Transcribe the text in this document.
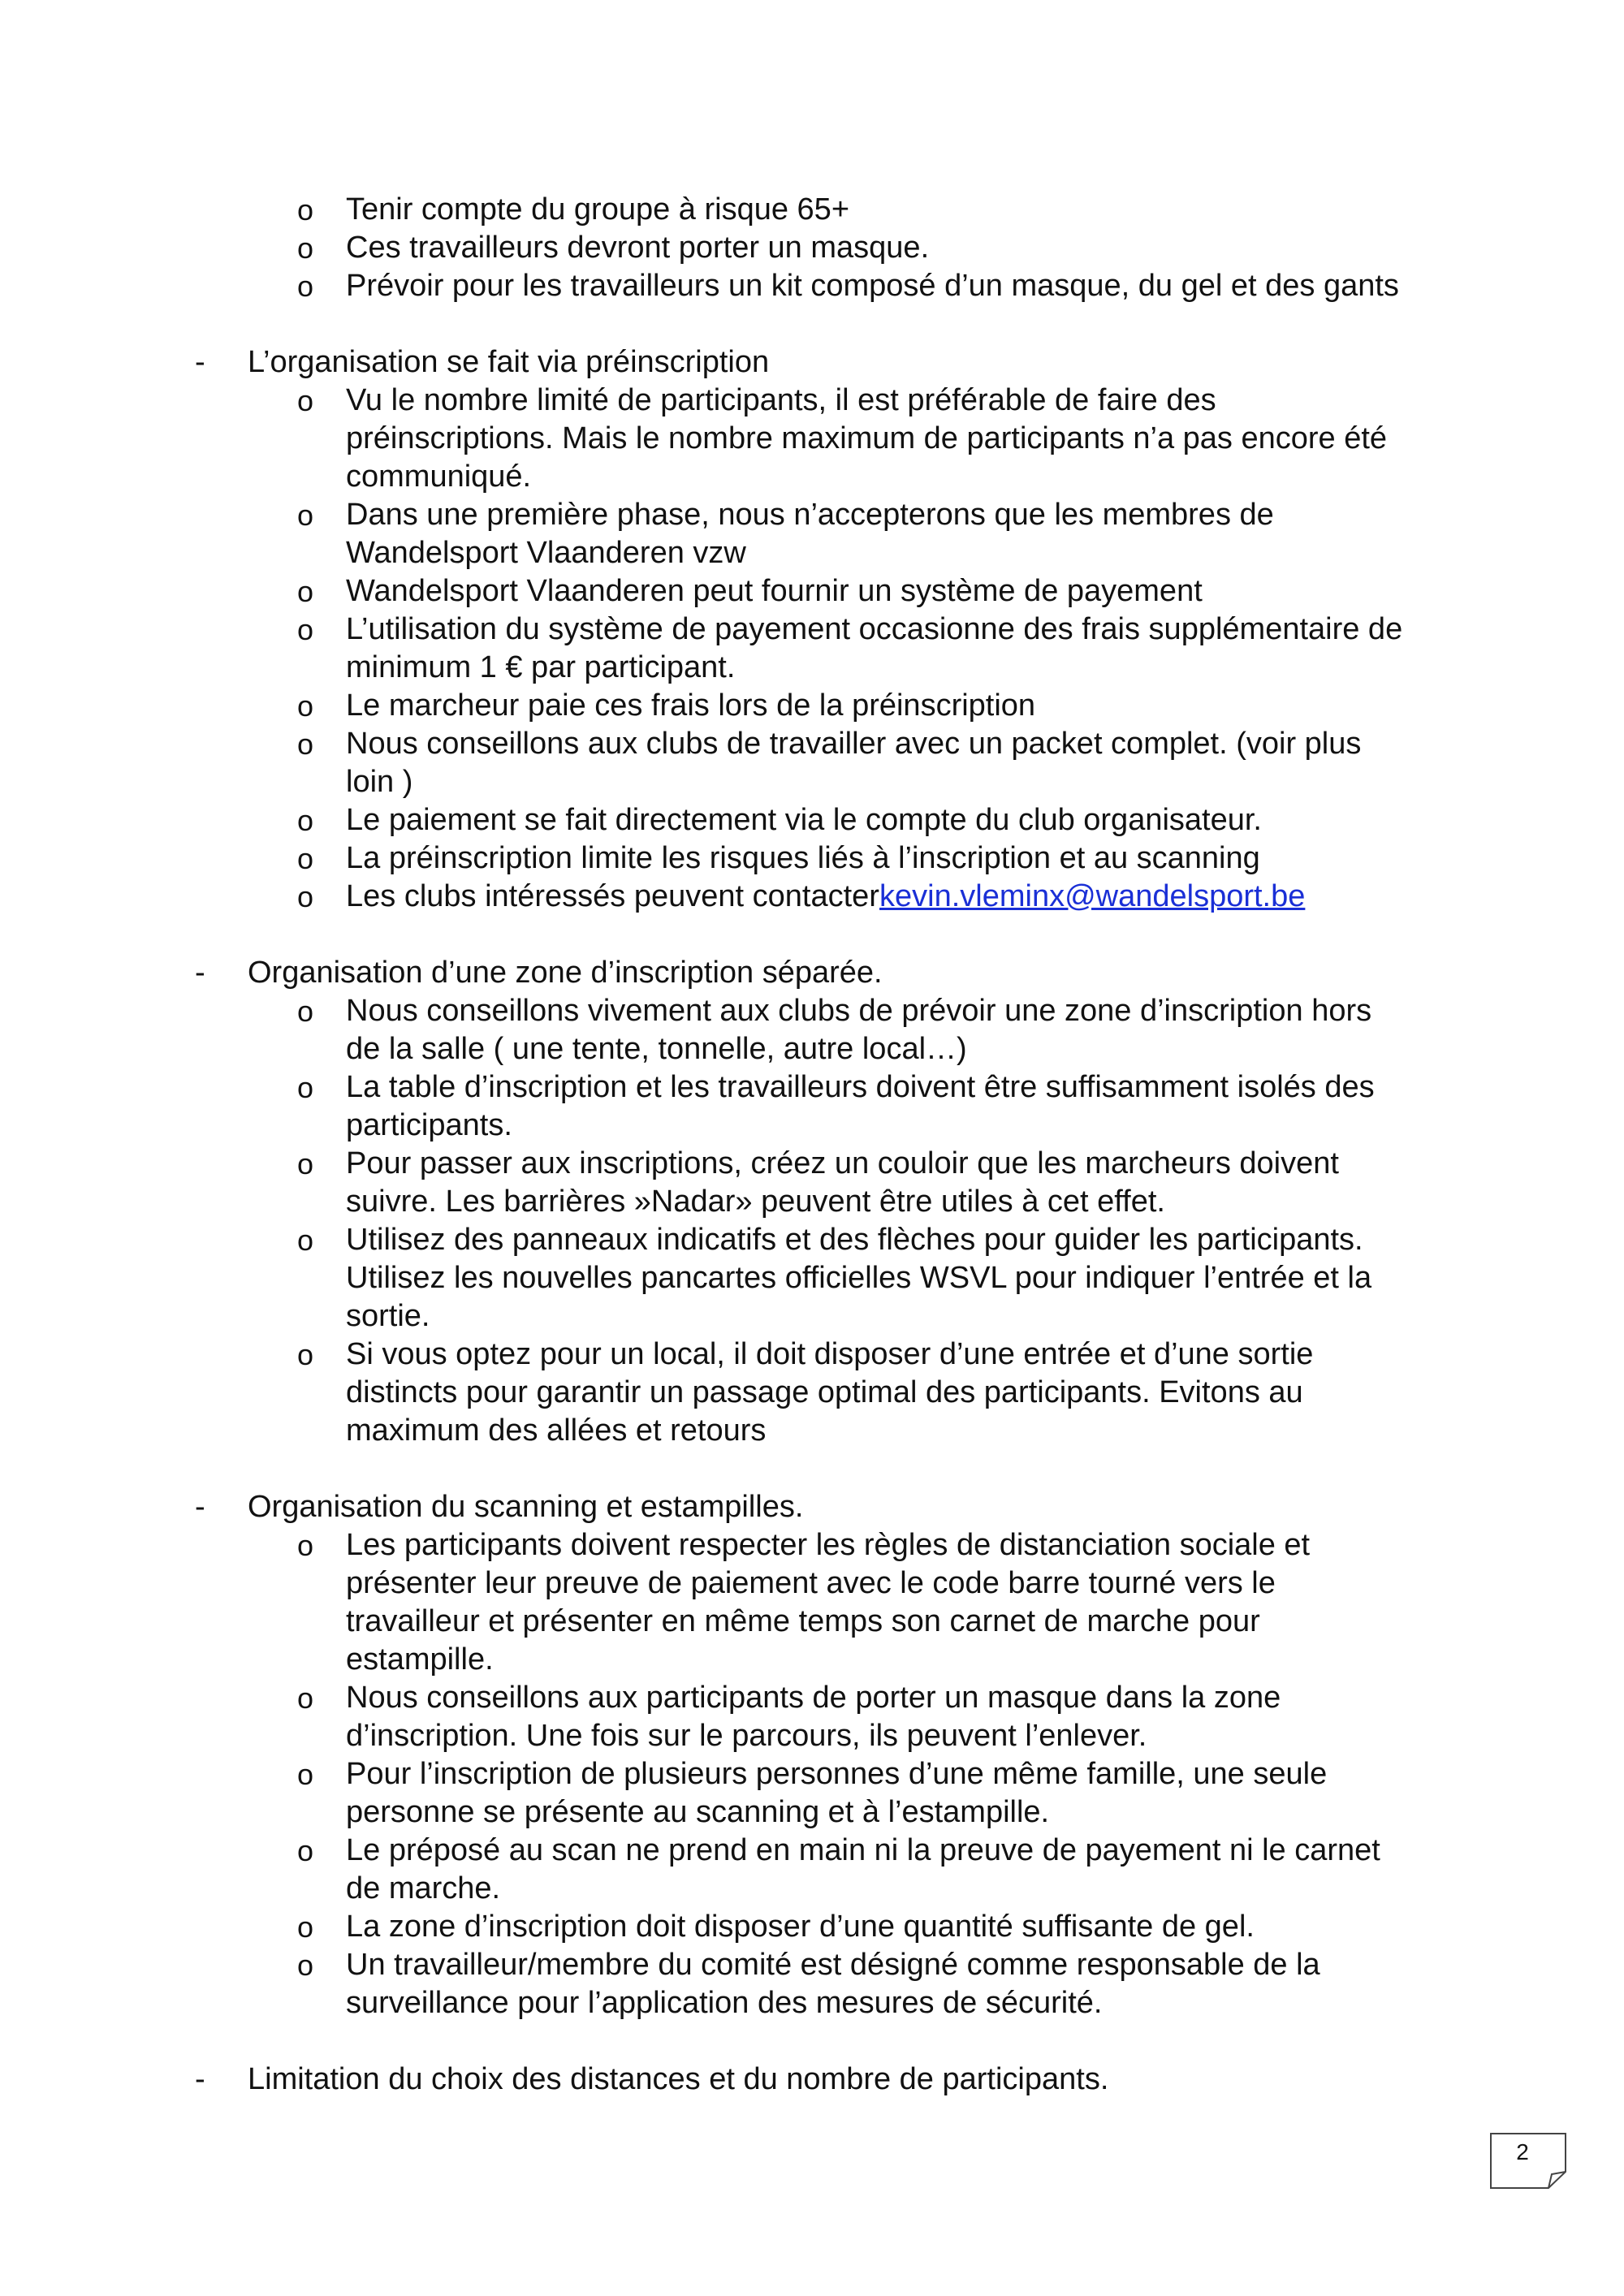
o Tenir compte du groupe à risque 65+
o Ces travailleurs devront porter un masque.
o Prévoir pour les travailleurs un kit composé d’un masque, du gel et des gants
- L’organisation se fait via préinscription
o Vu le nombre limité de participants, il est préférable de faire des
préinscriptions. Mais le nombre maximum de participants n’a pas encore été
communiqué.
o Dans une première phase, nous n’accepterons que les membres de
Wandelsport Vlaanderen vzw
o Wandelsport Vlaanderen peut fournir un système de payement
o L’utilisation du système de payement occasionne des frais supplémentaire de
minimum 1 € par participant.
o Le marcheur paie ces frais lors de la préinscription
o Nous conseillons aux clubs de travailler avec un packet complet. (voir plus
loin )
o Le paiement se fait directement via le compte du club organisateur.
o La préinscription limite les risques liés à l’inscription et au scanning
o Les clubs intéressés peuvent contacter kevin.vleminx@wandelsport.be
- Organisation d’une zone d’inscription séparée.
o Nous conseillons vivement aux clubs de prévoir une zone d’inscription hors
de la salle ( une tente, tonnelle, autre local…)
o La table d’inscription et les travailleurs doivent être suffisamment isolés des
participants.
o Pour passer aux inscriptions, créez un couloir que les marcheurs doivent
suivre. Les barrières »Nadar» peuvent être utiles à cet effet.
o Utilisez des panneaux indicatifs et des flèches pour guider les participants.
Utilisez les nouvelles pancartes officielles WSVL pour indiquer l’entrée et la
sortie.
o Si vous optez pour un local, il doit disposer d’une entrée et d’une sortie
distincts pour garantir un passage optimal des participants. Evitons au
maximum des allées et retours
- Organisation du scanning et estampilles.
o Les participants doivent respecter les règles de distanciation sociale et
présenter leur preuve de paiement avec le code barre tourné vers le
travailleur et présenter en même temps son carnet de marche pour
estampille.
o Nous conseillons aux participants de porter un masque dans la zone
d’inscription. Une fois sur le parcours, ils peuvent l’enlever.
o Pour l’inscription de plusieurs personnes d’une même famille, une seule
personne se présente au scanning et à l’estampille.
o Le préposé au scan ne prend en main ni la preuve de payement ni le carnet
de marche.
o La zone d’inscription doit disposer d’une quantité suffisante de gel.
o Un travailleur/membre du comité est désigné comme responsable de la
surveillance pour l’application des mesures de sécurité.
- Limitation du choix des distances et du nombre de participants.
2
